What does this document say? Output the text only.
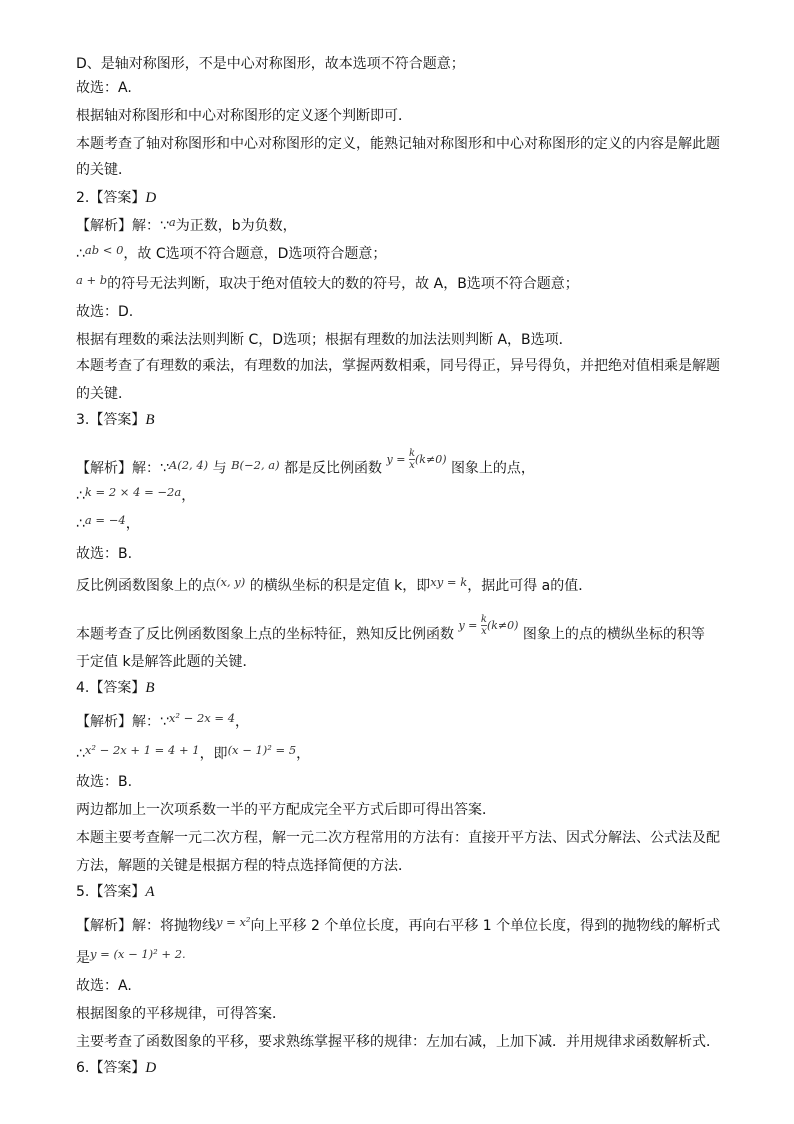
D、是轴对称图形，不是中心对称图形，故本选项不符合题意；
故选：A.
根据轴对称图形和中心对称图形的定义逐个判断即可．
本题考查了轴对称图形和中心对称图形的定义，能熟记轴对称图形和中心对称图形的定义的内容是解此题
的关键．
2.【答案】D
【解析】解：∵$^a$为正数，b为负数，
∴$^{ab < 0}$，故 C选项不符合题意，D选项符合题意；
$^{a + b}$的符号无法判断，取决于绝对值较大的数的符号，故 A，B选项不符合题意；
故选：D.
根据有理数的乘法法则判断 C，D选项；根据有理数的加法法则判断 A，B选项．
本题考查了有理数的乘法，有理数的加法，掌握两数相乘，同号得正，异号得负，并把绝对值相乘是解题
的关键．
3.【答案】B
【解析】解：∵$^{A(2, 4)}$ 与 $^{B(-2, a)}$ 都是反比例函数
y =
$\frac{k}{x} (k\ne 0)$
图象上的点，
∴$^{k = 2 \times 4 = -2a}$，
∴$^{a = -4}$，
故选：B.
反比例函数图象上的点$^{(x, y)}$ 的横纵坐标的积是定值 k，即$^{xy = k}$，据此可得 a的值．
本题考查了反比例函数图象上点的坐标特征，熟知反比例函数
y =
$\frac{k}{x} (k\ne 0)$
图象上的点的横纵坐标的积等
于定值 k是解答此题的关键．
4.【答案】B
【解析】解：∵$^{x^2 - 2x = 4}$，
∴$^{x^2 - 2x + 1 = 4 + 1}$，即$^{(x - 1)^2 = 5}$，
故选：B.
两边都加上一次项系数一半的平方配成完全平方式后即可得出答案．
本题主要考查解一元二次方程，解一元二次方程常用的方法有：直接开平方法、因式分解法、公式法及配
方法，解题的关键是根据方程的特点选择简便的方法．
5.【答案】A
【解析】解：将抛物线$^{y = x^2}$向上平移 2 个单位长度，再向右平移 1 个单位长度，得到的抛物线的解析式
是$^{y = (x - 1)^2 + 2.}$
故选：A.
根据图象的平移规律，可得答案．
主要考查了函数图象的平移，要求熟练掌握平移的规律：左加右减，上加下减．并用规律求函数解析式．
6.【答案】D
